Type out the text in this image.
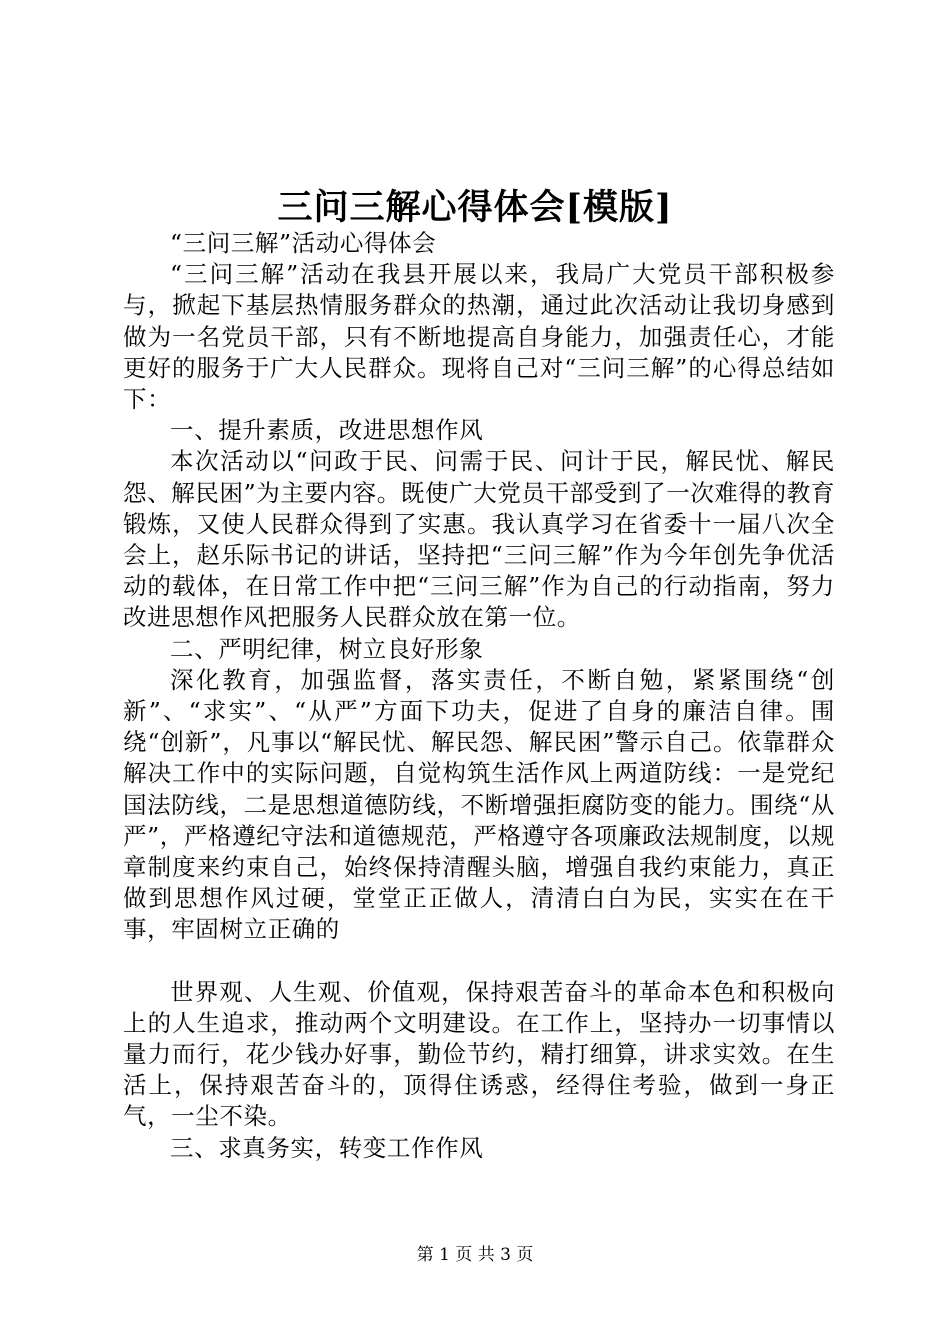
三问三解心得体会[模版]

“三问三解”活动心得体会

“三问三解”活动在我县开展以来，我局广大党员干部积极参与，掀起下基层热情服务群众的热潮，通过此次活动让我切身感到做为一名党员干部，只有不断地提高自身能力，加强责任心，才能更好的服务于广大人民群众。现将自己对“三问三解”的心得总结如下：

一、提升素质，改进思想作风

本次活动以“问政于民、问需于民、问计于民，解民忧、解民怨、解民困”为主要内容。既使广大党员干部受到了一次难得的教育锻炼，又使人民群众得到了实惠。我认真学习在省委十一届八次全会上，赵乐际书记的讲话，坚持把“三问三解”作为今年创先争优活动的载体，在日常工作中把“三问三解”作为自己的行动指南，努力改进思想作风把服务人民群众放在第一位。

二、严明纪律，树立良好形象

深化教育，加强监督，落实责任，不断自勉，紧紧围绕“创新”、“求实”、“从严”方面下功夫，促进了自身的廉洁自律。围绕“创新”，凡事以“解民忧、解民怨、解民困”警示自己。依靠群众解决工作中的实际问题，自觉构筑生活作风上两道防线：一是党纪国法防线，二是思想道德防线，不断增强拒腐防变的能力。围绕“从严”，严格遵纪守法和道德规范，严格遵守各项廉政法规制度，以规章制度来约束自己，始终保持清醒头脑，增强自我约束能力，真正做到思想作风过硬，堂堂正正做人，清清白白为民，实实在在干事，牢固树立正确的

世界观、人生观、价值观，保持艰苦奋斗的革命本色和积极向上的人生追求，推动两个文明建设。在工作上，坚持办一切事情以量力而行，花少钱办好事，勤俭节约，精打细算，讲求实效。在生活上，保持艰苦奋斗的，顶得住诱惑，经得住考验，做到一身正气，一尘不染。

三、求真务实，转变工作作风

第 1 页 共 3 页
